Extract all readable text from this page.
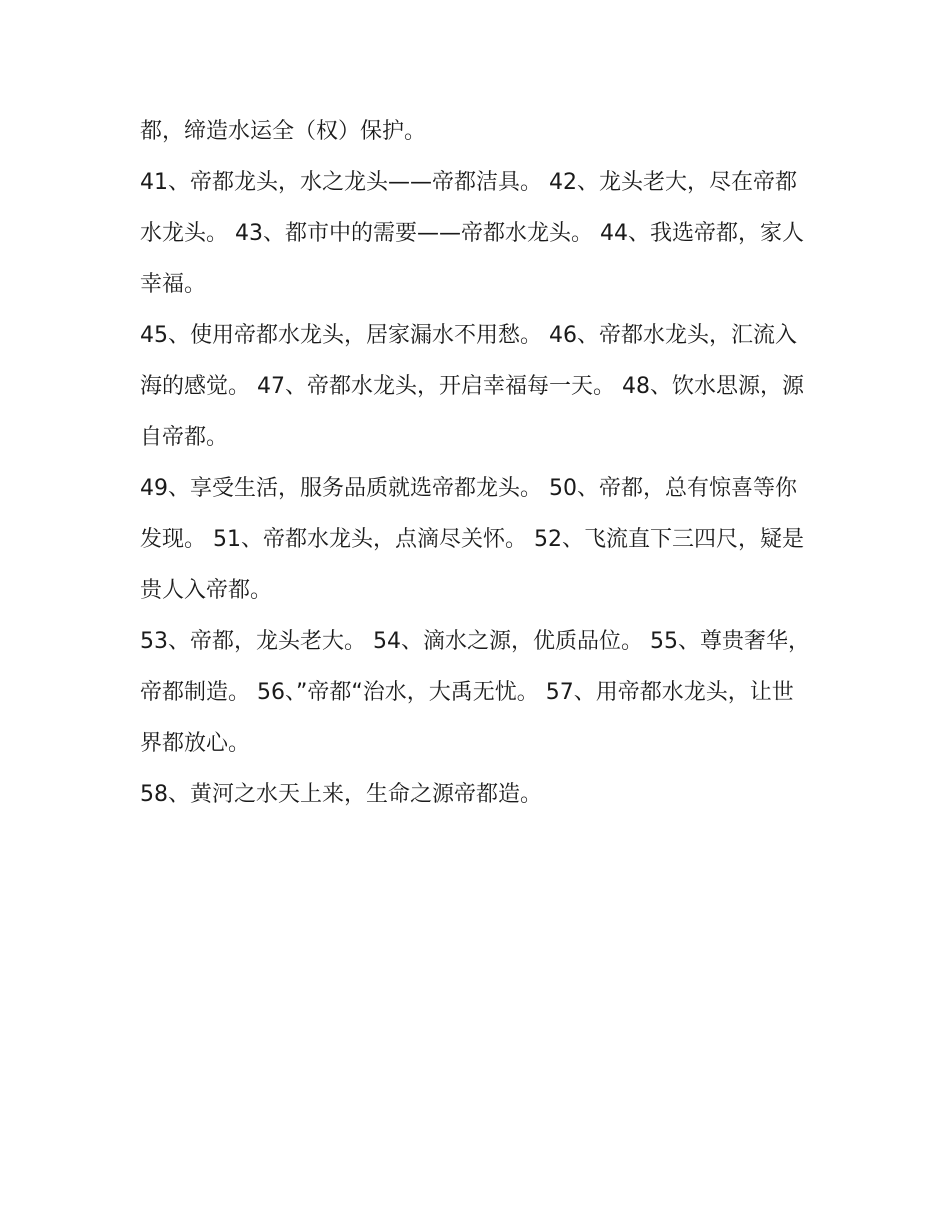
都，缔造水运全（权）保护。

41、帝都龙头，水之龙头——帝都洁具。 42、龙头老大，尽在帝都水龙头。 43、都市中的需要——帝都水龙头。 44、我选帝都，家人幸福。

45、使用帝都水龙头，居家漏水不用愁。 46、帝都水龙头，汇流入海的感觉。 47、帝都水龙头，开启幸福每一天。 48、饮水思源，源自帝都。

49、享受生活，服务品质就选帝都龙头。 50、帝都，总有惊喜等你发现。 51、帝都水龙头，点滴尽关怀。 52、飞流直下三四尺，疑是贵人入帝都。

53、帝都，龙头老大。 54、滴水之源，优质品位。 55、尊贵奢华，帝都制造。 56、”帝都“治水，大禹无忧。 57、用帝都水龙头，让世界都放心。

58、黄河之水天上来，生命之源帝都造。
